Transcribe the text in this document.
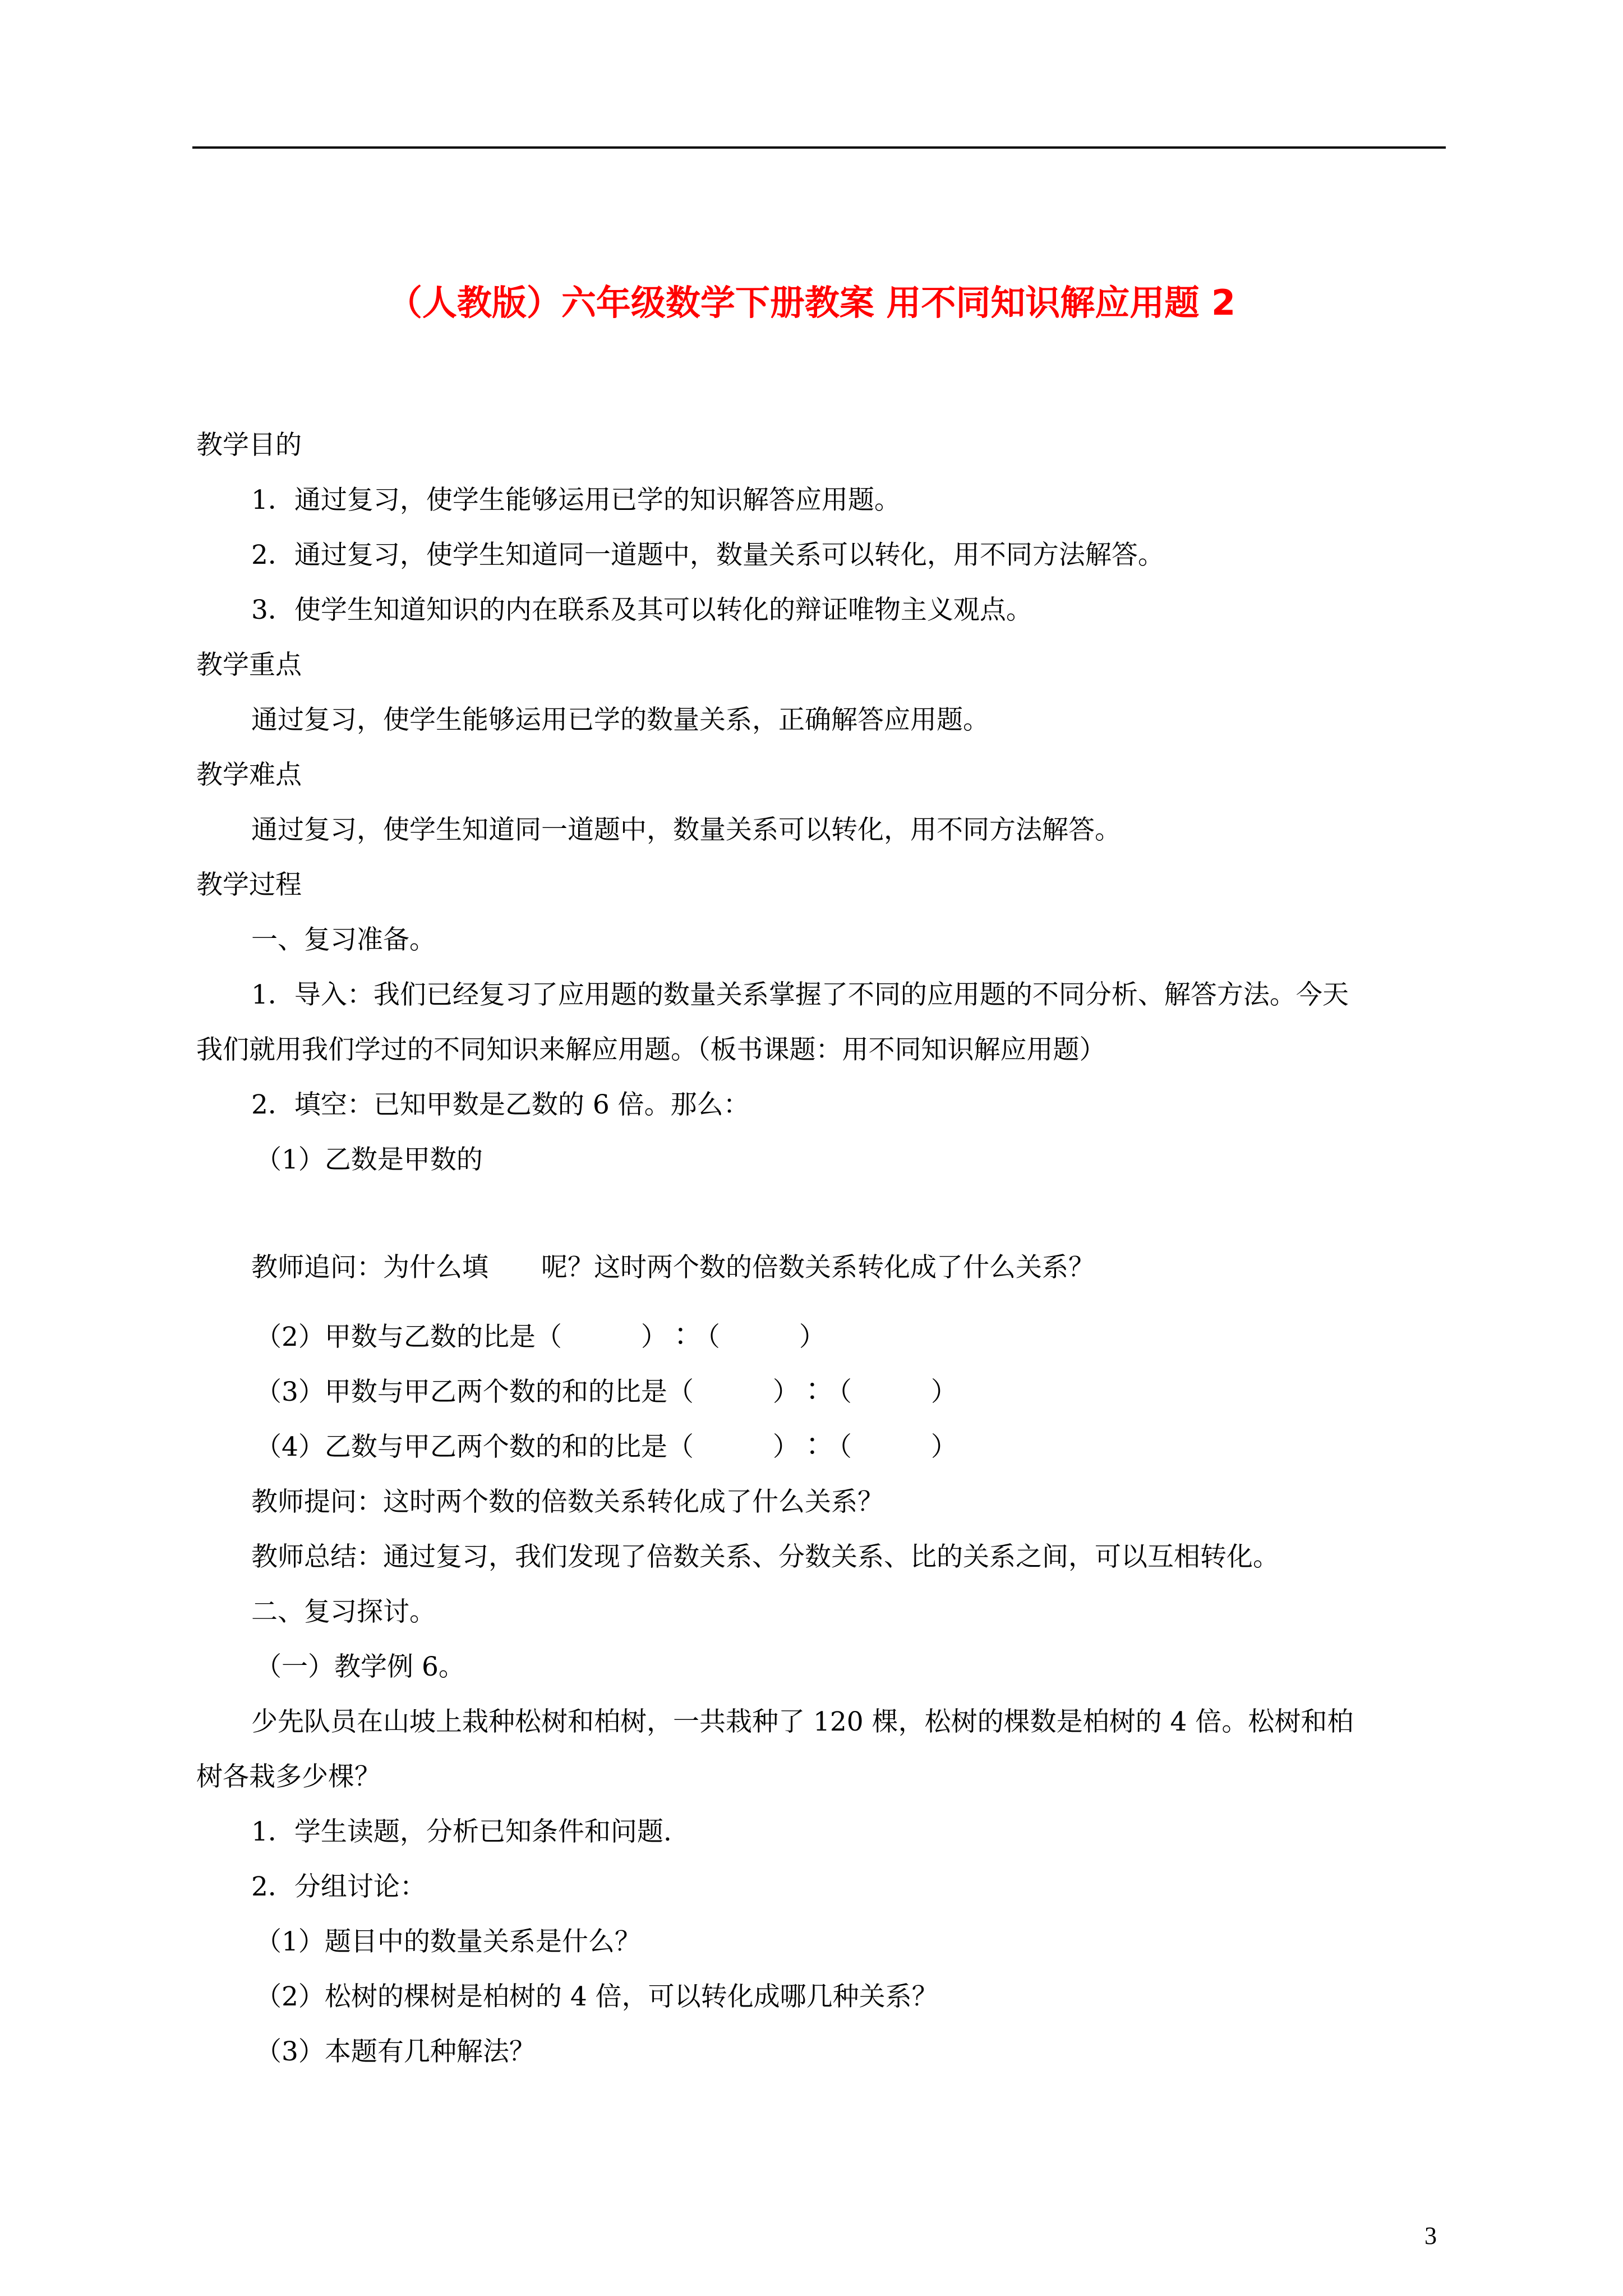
（人教版）六年级数学下册教案 用不同知识解应用题 2
教学目的
1．通过复习，使学生能够运用已学的知识解答应用题。
2．通过复习，使学生知道同一道题中，数量关系可以转化，用不同方法解答。
3．使学生知道知识的内在联系及其可以转化的辩证唯物主义观点。
教学重点
通过复习，使学生能够运用已学的数量关系，正确解答应用题。
教学难点
通过复习，使学生知道同一道题中，数量关系可以转化，用不同方法解答。
教学过程
一、复习准备。
1．导入：我们已经复习了应用题的数量关系掌握了不同的应用题的不同分析、解答方法。今天
我们就用我们学过的不同知识来解应用题。（板书课题：用不同知识解应用题）
2．填空：已知甲数是乙数的 6 倍。那么：
（1）乙数是甲数的
教师追问：为什么填　　呢？这时两个数的倍数关系转化成了什么关系？
（2）甲数与乙数的比是（　　　）∶（　　　）
（3）甲数与甲乙两个数的和的比是（　　　）∶（　　　）
（4）乙数与甲乙两个数的和的比是（　　　）∶（　　　）
教师提问：这时两个数的倍数关系转化成了什么关系？
教师总结：通过复习，我们发现了倍数关系、分数关系、比的关系之间，可以互相转化。
二、复习探讨。
（一）教学例 6。
少先队员在山坡上栽种松树和柏树，一共栽种了 120 棵，松树的棵数是柏树的 4 倍。松树和柏
树各栽多少棵？
1．学生读题，分析已知条件和问题.
2．分组讨论：
（1）题目中的数量关系是什么？
（2）松树的棵树是柏树的 4 倍，可以转化成哪几种关系？
（3）本题有几种解法？
3
